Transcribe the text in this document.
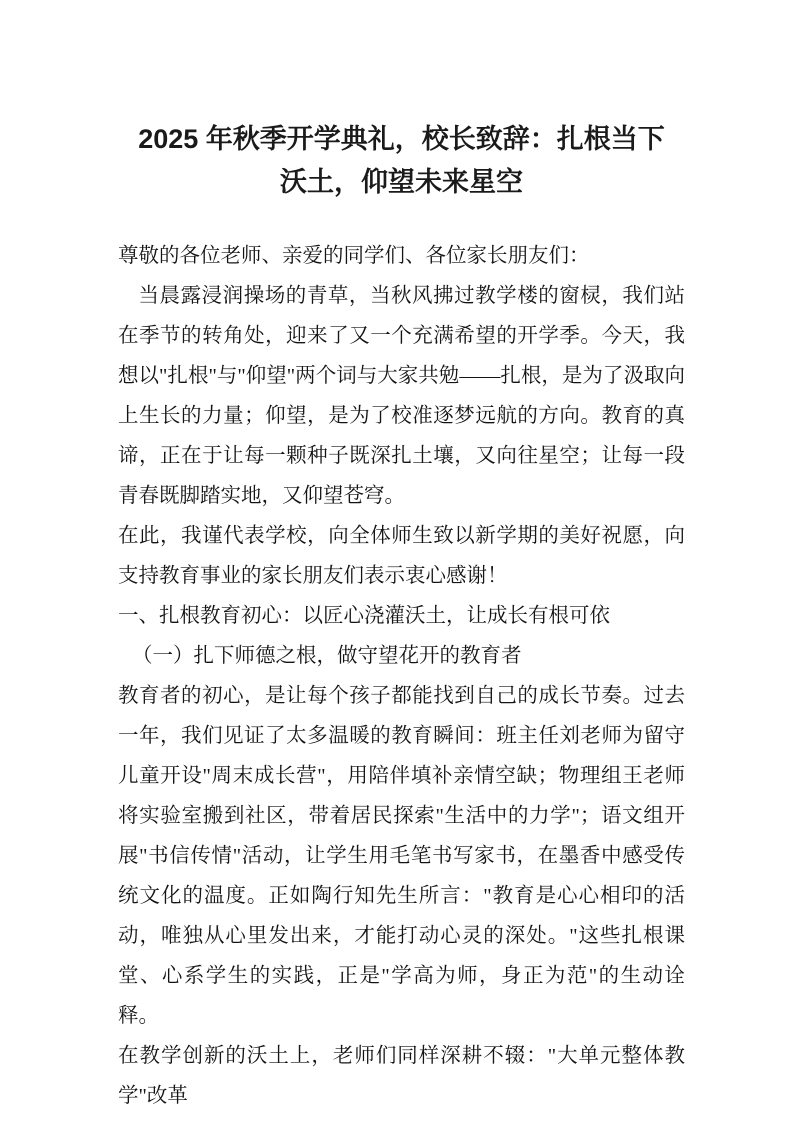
2025 年秋季开学典礼，校长致辞：扎根当下 沃土，仰望未来星空

尊敬的各位老师、亲爱的同学们、各位家长朋友们：

当晨露浸润操场的青草，当秋风拂过教学楼的窗棂，我们站在季节的转角处，迎来了又一个充满希望的开学季。今天，我想以"扎根"与"仰望"两个词与大家共勉——扎根，是为了汲取向上生长的力量；仰望，是为了校准逐梦远航的方向。教育的真谛，正在于让每一颗种子既深扎土壤，又向往星空；让每一段青春既脚踏实地，又仰望苍穹。

在此，我谨代表学校，向全体师生致以新学期的美好祝愿，向支持教育事业的家长朋友们表示衷心感谢！

一、扎根教育初心：以匠心浇灌沃土，让成长有根可依

（一）扎下师德之根，做守望花开的教育者

教育者的初心，是让每个孩子都能找到自己的成长节奏。过去一年，我们见证了太多温暖的教育瞬间：班主任刘老师为留守儿童开设"周末成长营"，用陪伴填补亲情空缺；物理组王老师将实验室搬到社区，带着居民探索"生活中的力学"；语文组开展"书信传情"活动，让学生用毛笔书写家书，在墨香中感受传统文化的温度。正如陶行知先生所言："教育是心心相印的活动，唯独从心里发出来，才能打动心灵的深处。"这些扎根课堂、心系学生的实践，正是"学高为师，身正为范"的生动诠释。

在教学创新的沃土上，老师们同样深耕不辍："大单元整体教学"改革
